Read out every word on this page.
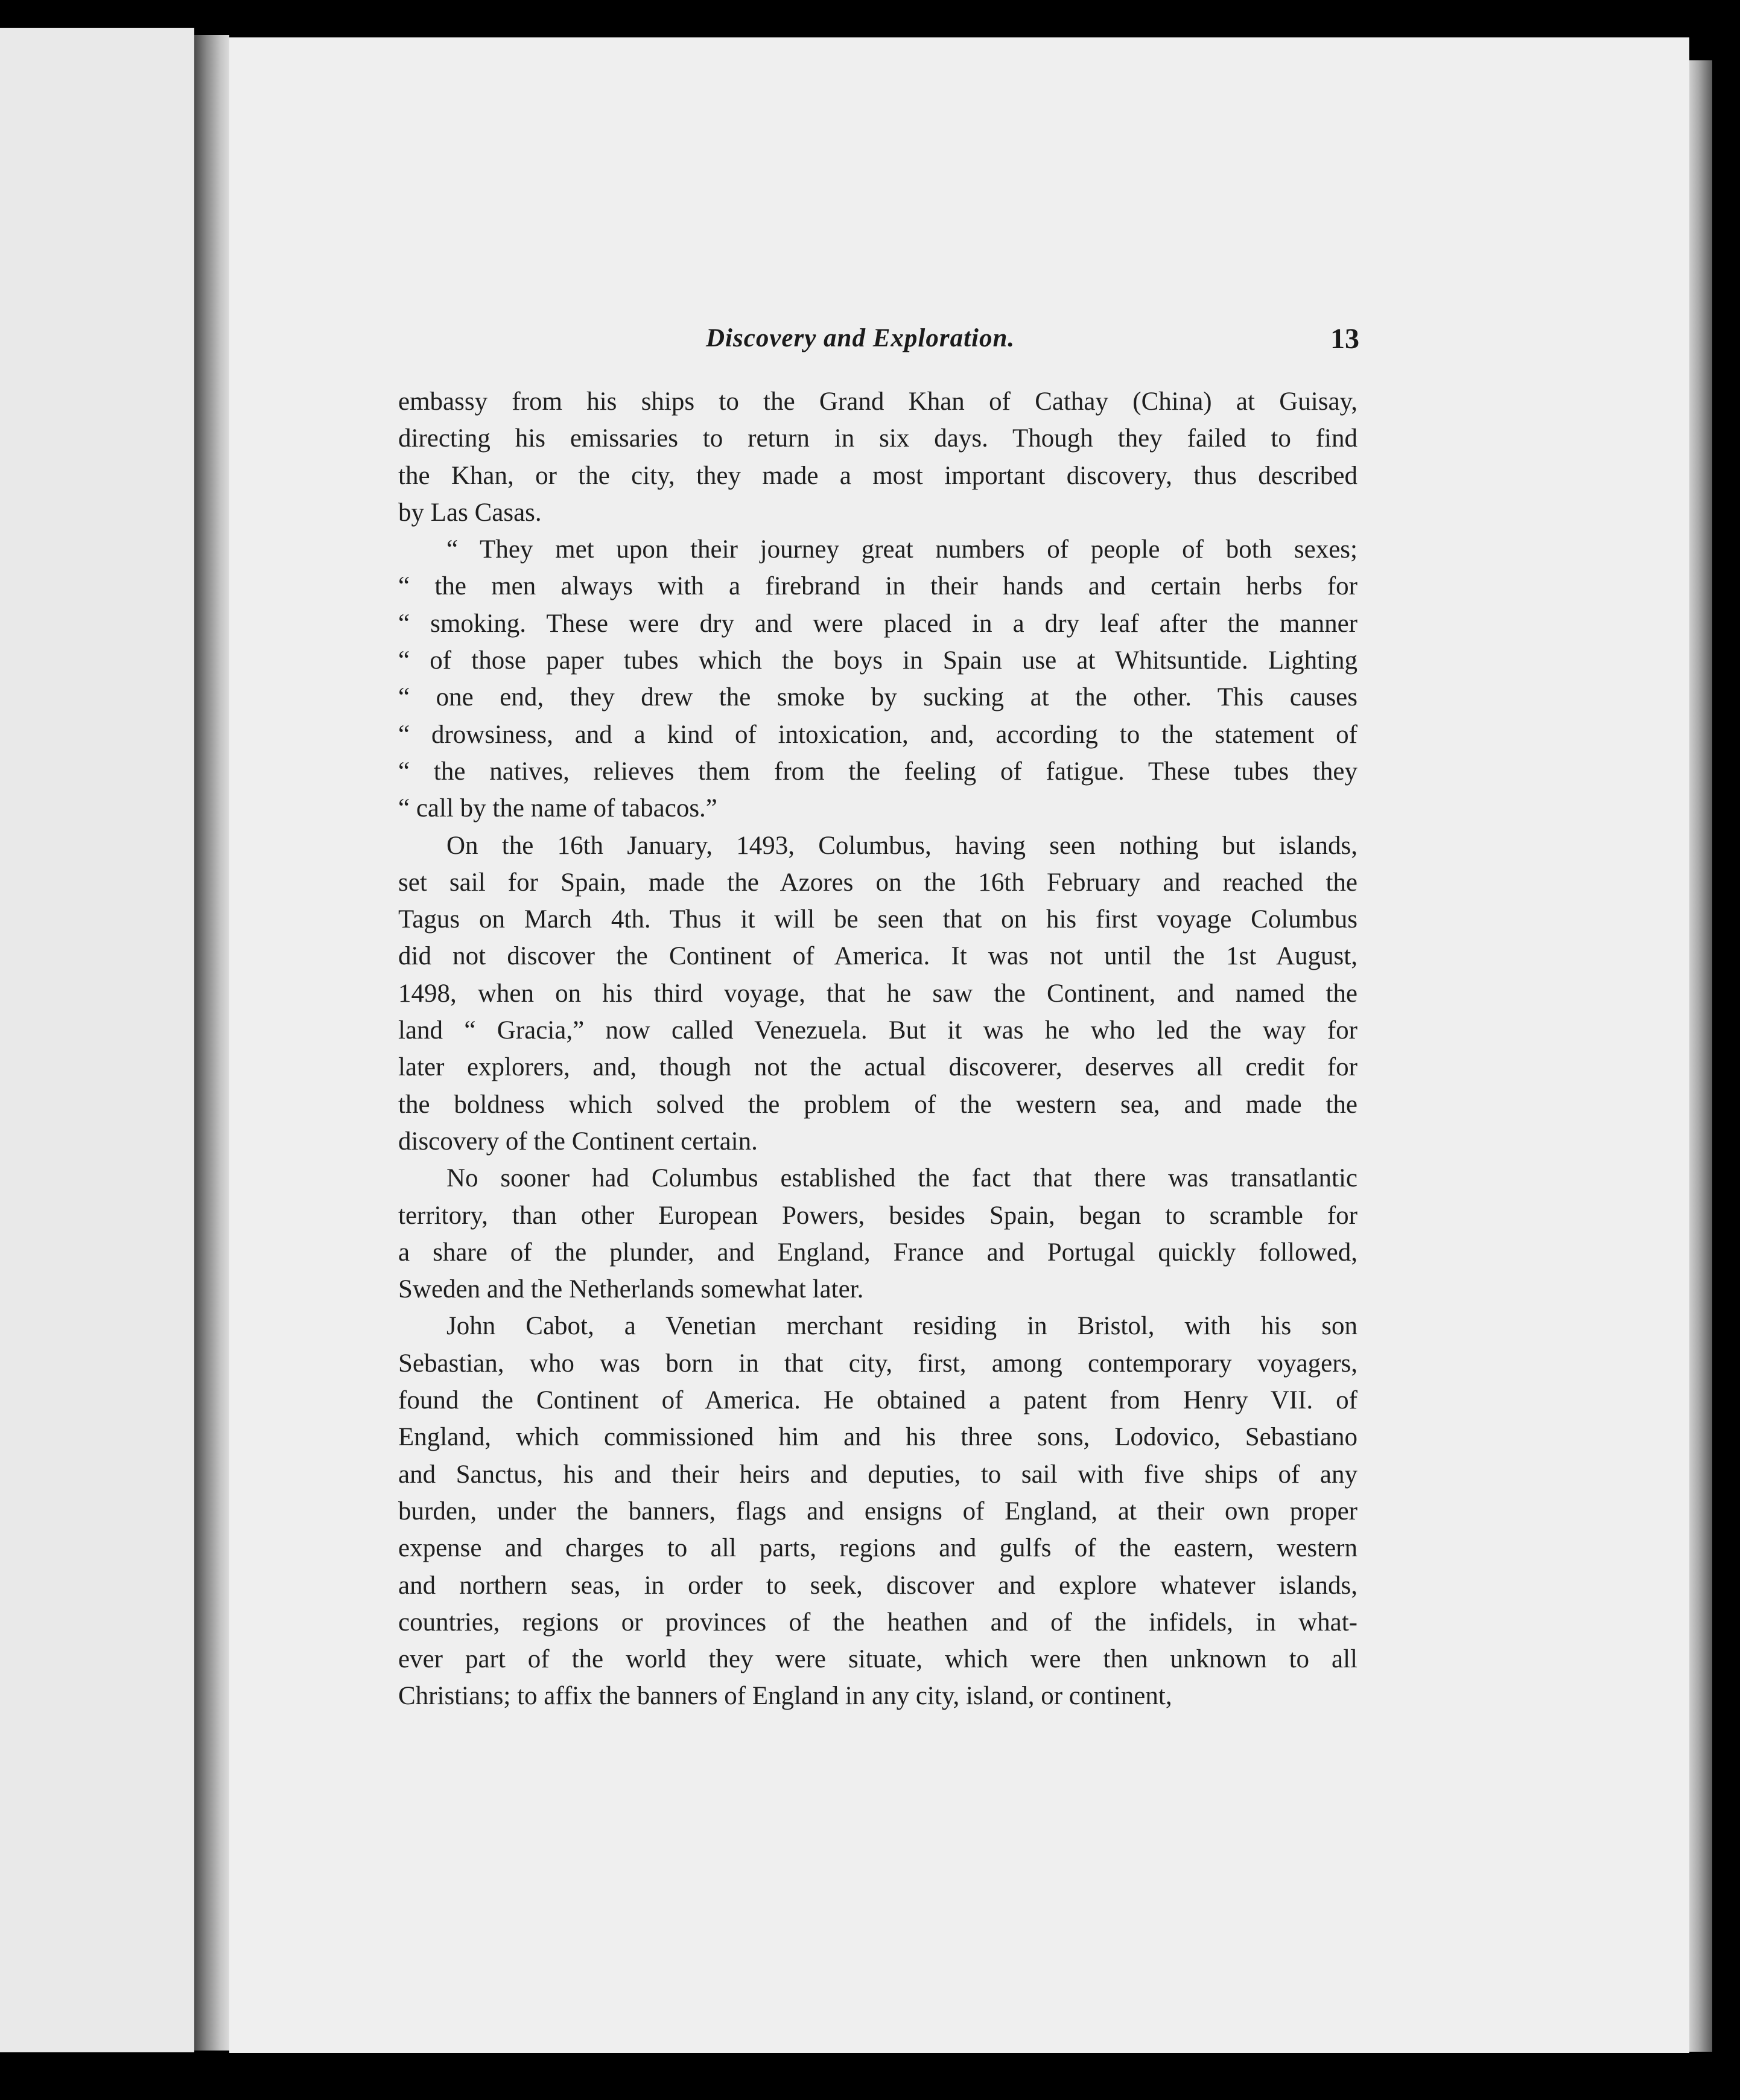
Discovery and Exploration.	13
embassy from his ships to the Grand Khan of Cathay (China) at Guisay,
directing his emissaries to return in six days. Though they failed to find
the Khan, or the city, they made a most important discovery, thus described
by Las Casas.
“ They met upon their journey great numbers of people of both sexes;
“ the men always with a firebrand in their hands and certain herbs for
“ smoking. These were dry and were placed in a dry leaf after the manner
“ of those paper tubes which the boys in Spain use at Whitsuntide. Lighting
“ one end, they drew the smoke by sucking at the other. This causes
“ drowsiness, and a kind of intoxication, and, according to the statement of
“ the natives, relieves them from the feeling of fatigue. These tubes they
“ call by the name of tabacos.”
On the 16th January, 1493, Columbus, having seen nothing but islands,
set sail for Spain, made the Azores on the 16th February and reached the
Tagus on March 4th. Thus it will be seen that on his first voyage Columbus
did not discover the Continent of America. It was not until the 1st August,
1498, when on his third voyage, that he saw the Continent, and named the
land “ Gracia,” now called Venezuela. But it was he who led the way for
later explorers, and, though not the actual discoverer, deserves all credit for
the boldness which solved the problem of the western sea, and made the
discovery of the Continent certain.
No sooner had Columbus established the fact that there was transatlantic
territory, than other European Powers, besides Spain, began to scramble for
a share of the plunder, and England, France and Portugal quickly followed,
Sweden and the Netherlands somewhat later.
John Cabot, a Venetian merchant residing in Bristol, with his son
Sebastian, who was born in that city, first, among contemporary voyagers,
found the Continent of America. He obtained a patent from Henry VII. of
England, which commissioned him and his three sons, Lodovico, Sebastiano
and Sanctus, his and their heirs and deputies, to sail with five ships of any
burden, under the banners, flags and ensigns of England, at their own proper
expense and charges to all parts, regions and gulfs of the eastern, western
and northern seas, in order to seek, discover and explore whatever islands,
countries, regions or provinces of the heathen and of the infidels, in what-
ever part of the world they were situate, which were then unknown to all
Christians; to affix the banners of England in any city, island, or continent,
